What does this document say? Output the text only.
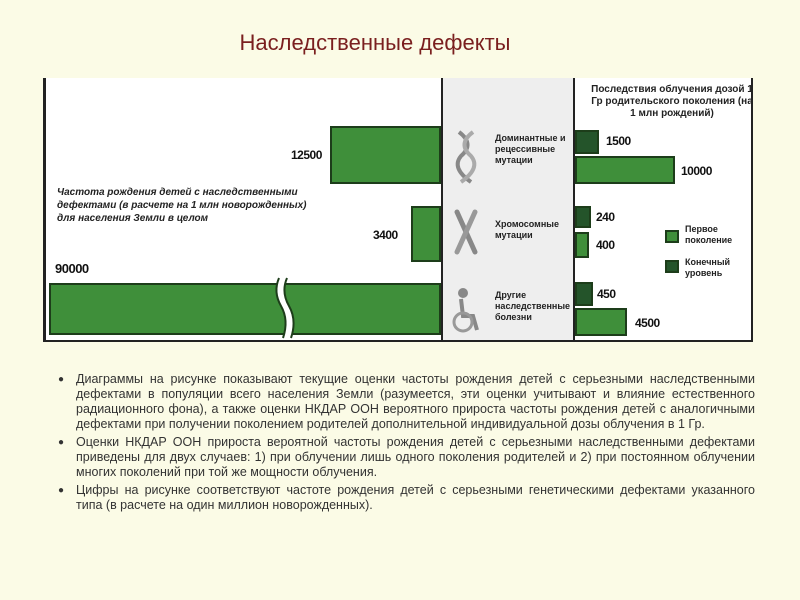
Наследственные дефекты
Частота рождения детей с наследственными дефектами (в расчете на 1 млн новорожденных) для населения Земли в целом
12500
3400
90000
Доминантные и рецессивные мутации
Хромосомные мутации
Другие наследственные болезни
Последствия облучения дозой 1 Гр родительского поколения (на 1 млн рождений)
1500
10000
240
400
450
4500
Первое поколение
Конечный уровень
● Диаграммы на рисунке показывают текущие оценки частоты рождения детей с серьезными наследственными дефектами в популяции всего населения Земли (разумеется, эти оценки учитывают и влияние естественного радиационного фона), а также оценки НКДАР ООН вероятного прироста частоты рождения детей с аналогичными дефектами при получении поколением родителей дополнительной индивидуальной дозы облучения в 1 Гр.
● Оценки НКДАР ООН прироста вероятной частоты рождения детей с серьезными наследственными дефектами приведены для двух случаев: 1) при облучении лишь одного поколения родителей и 2) при постоянном облучении многих поколений при той же мощности облучения.
● Цифры на рисунке соответствуют частоте рождения детей с серьезными генетическими дефектами указанного типа (в расчете на один миллион новорожденных).
